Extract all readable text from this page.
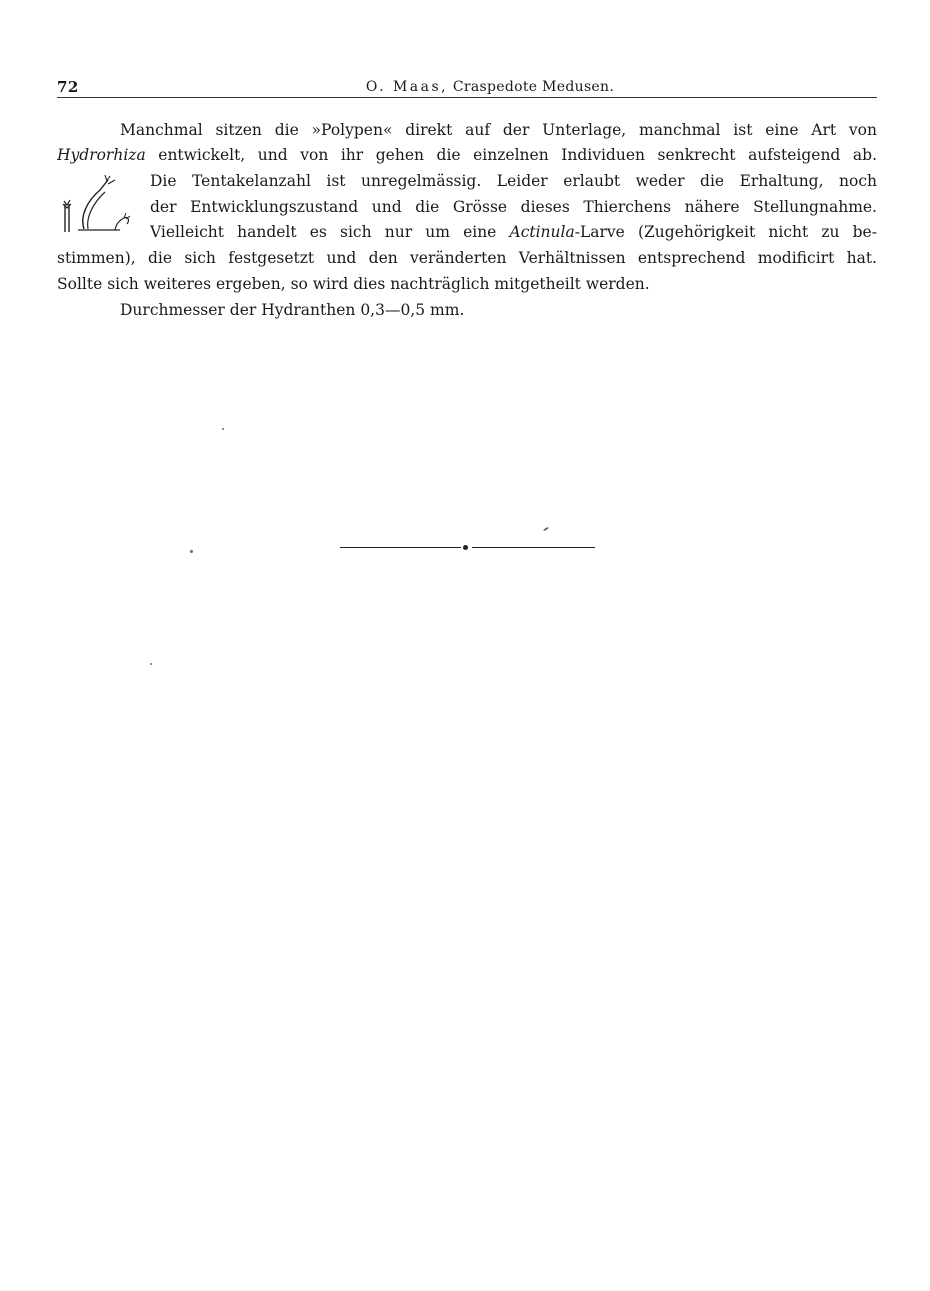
72	O. Maas, Craspedote Medusen.
Manchmal sitzen die »Polypen« direkt auf der Unterlage, manchmal ist eine Art von
Hydrorhiza entwickelt, und von ihr gehen die einzelnen Individuen senkrecht aufsteigend ab.
Die Tentakelanzahl ist unregelmässig. Leider erlaubt weder die Erhaltung, noch
der Entwicklungszustand und die Grösse dieses Thierchens nähere Stellungnahme.
Vielleicht handelt es sich nur um eine Actinula-Larve (Zugehörigkeit nicht zu be-
stimmen), die sich festgesetzt und den veränderten Verhältnissen entsprechend modificirt hat.
Sollte sich weiteres ergeben, so wird dies nachträglich mitgetheilt werden.
Durchmesser der Hydranthen 0,3—0,5 mm.
